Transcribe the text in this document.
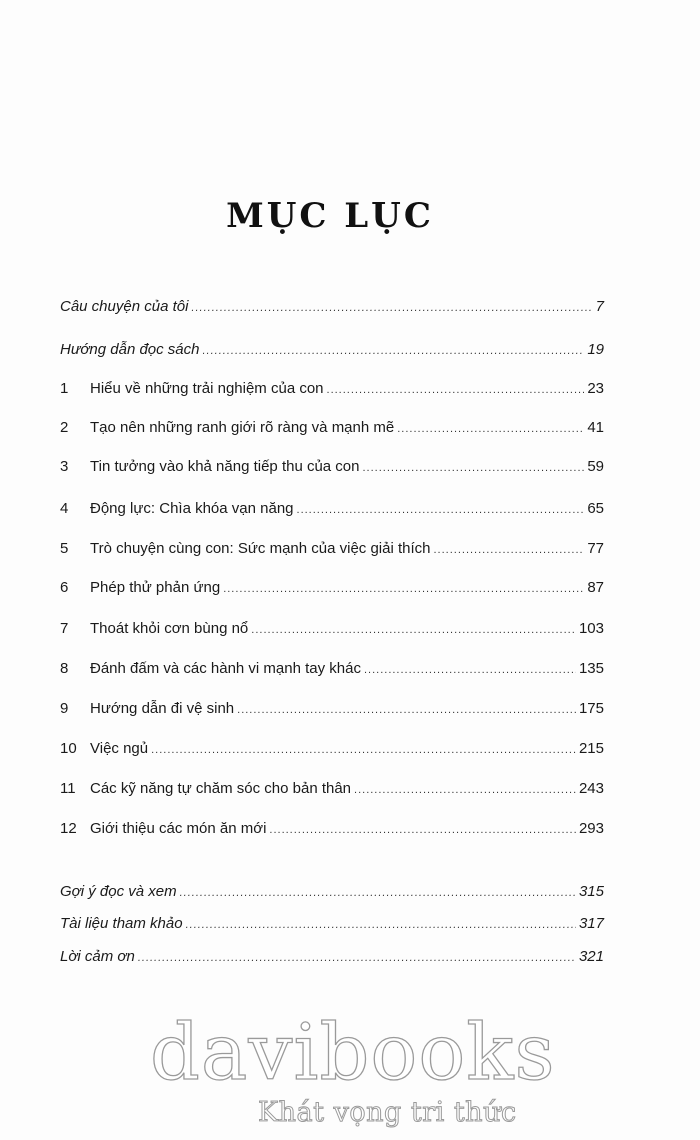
MỤC LỤC
Câu chuyện của tôi .....	7
Hướng dẫn đọc sách .....	19
1	Hiểu về những trải nghiệm của con .....	23
2	Tạo nên những ranh giới rõ ràng và mạnh mẽ .....	41
3	Tin tưởng vào khả năng tiếp thu của con .....	59
4	Động lực: Chìa khóa vạn năng .....	65
5	Trò chuyện cùng con: Sức mạnh của việc giải thích .....	77
6	Phép thử phản ứng .....	87
7	Thoát khỏi cơn bùng nổ .....	103
8	Đánh đấm và các hành vi mạnh tay khác .....	135
9	Hướng dẫn đi vệ sinh .....	175
10 Việc ngủ .....	215
11 Các kỹ năng tự chăm sóc cho bản thân .....	243
12 Giới thiệu các món ăn mới .....	293
Gợi ý đọc và xem .....	315
Tài liệu tham khảo .....	317
Lời cảm ơn .....	321
davibooks
Khát vọng tri thức
